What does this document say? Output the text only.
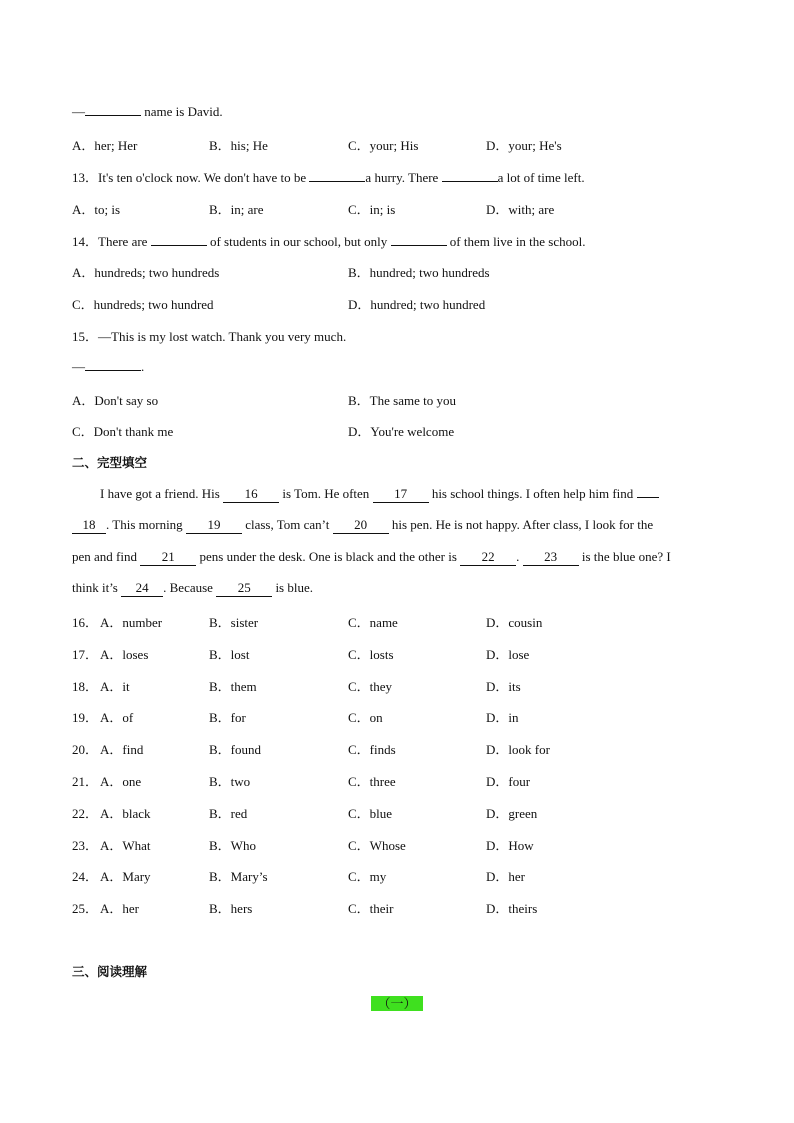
—	name is David.
A．her; Her	B．his; He	C．your; His	D．your; He's
13．It's ten o'clock now. We don't have to be	a hurry. There	a lot of time left.
A．to; is	B．in; are	C．in; is	D．with; are
14．There are	of students in our school, but only	of them live in the school.
A．hundreds; two hundreds	B．hundred; two hundreds
C．hundreds; two hundred	D．hundred; two hundred
15．—This is my lost watch. Thank you very much.
—	.
A．Don't say so	B．The same to you
C．Don't thank me	D．You're welcome
二、完型填空
I have got a friend. His 16 is Tom. He often 17 his school things. I often help him find
18 . This morning 19 class, Tom can’t 20 his pen. He is not happy. After class, I look for the
pen and find 21 pens under the desk. One is black and the other is 22 . 23 is the blue one? I
think it’s 24 . Because 25 is blue.
16． A．number	B．sister	C．name	D．cousin
17． A．loses	B．lost	C．losts	D．lose
18． A．it	B．them	C．they	D．its
19． A．of	B．for	C．on	D．in
20． A．find	B．found	C．finds	D．look for
21． A．one	B．two	C．three	D．four
22． A．black	B．red	C．blue	D．green
23． A．What	B．Who	C．Whose	D．How
24． A．Mary	B．Mary’s	C．my	D．her
25． A．her	B．hers	C．their	D．theirs
三、阅读理解
（一）
